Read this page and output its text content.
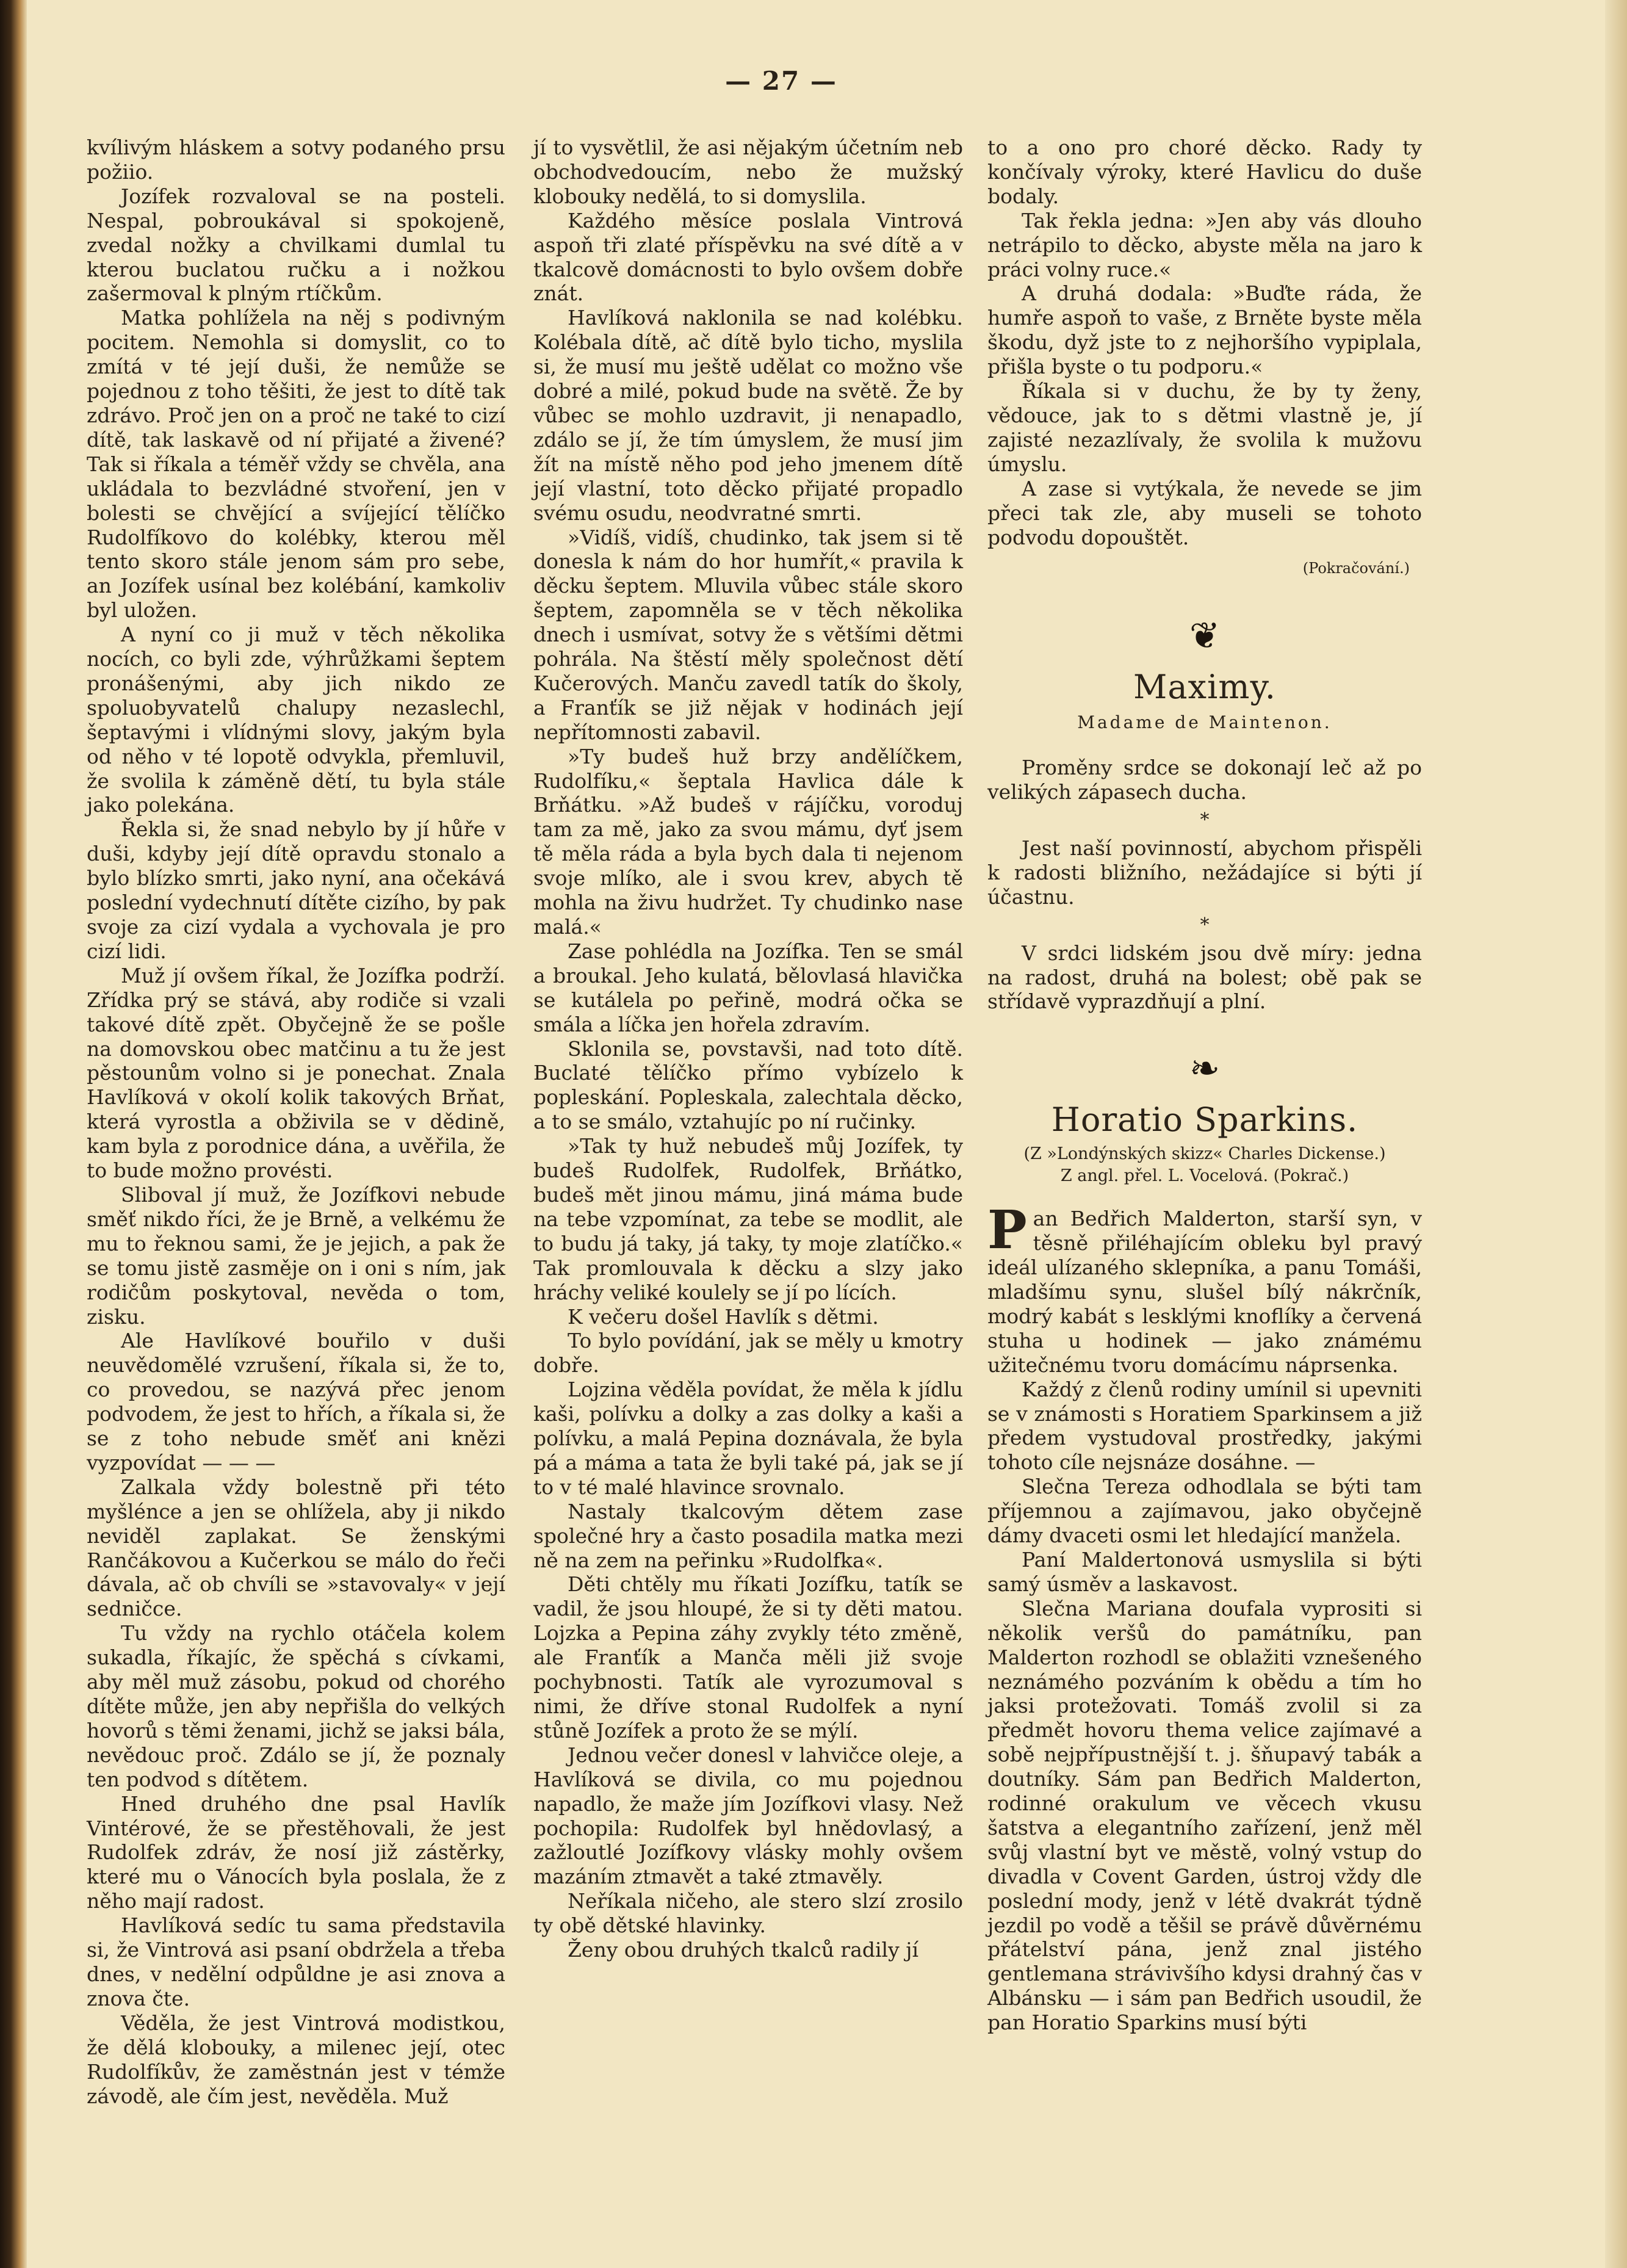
— 27 —

kvílivým hláskem a sotvy podaného prsu požiio.

Jozífek rozvaloval se na posteli. Nespal, pobroukával si spokojeně, zvedal nožky a chvilkami dumlal tu kterou buclatou ručku a i nožkou zašermoval k plným rtíčkům.

Matka pohlížela na něj s podivným pocitem. Nemohla si domyslit, co to zmítá v té její duši, že nemůže se pojednou z toho těšiti, že jest to dítě tak zdrávo. Proč jen on a proč ne také to cizí dítě, tak laskavě od ní přijaté a živené? Tak si říkala a téměř vždy se chvěla, ana ukládala to bezvládné stvoření, jen v bolesti se chvějící a svíjející tělíčko Rudolfíkovo do kolébky, kterou měl tento skoro stále jenom sám pro sebe, an Jozífek usínal bez kolébání, kamkoliv byl uložen.

A nyní co ji muž v těch několika nocích, co byli zde, výhrůžkami šeptem pronášenými, aby jich nikdo ze spoluobyvatelů chalupy nezaslechl, šeptavými i vlídnými slovy, jakým byla od něho v té lopotě odvykla, přemluvil, že svolila k záměně dětí, tu byla stále jako polekána.

Řekla si, že snad nebylo by jí hůře v duši, kdyby její dítě opravdu stonalo a bylo blízko smrti, jako nyní, ana očekává poslední vydechnutí dítěte cizího, by pak svoje za cizí vydala a vychovala je pro cizí lidi.

Muž jí ovšem říkal, že Jozífka podrží. Zřídka prý se stává, aby rodiče si vzali takové dítě zpět. Obyčejně že se pošle na domovskou obec matčinu a tu že jest pěstounům volno si je ponechat. Znala Havlíková v okolí kolik takových Brňat, která vyrostla a obživila se v dědině, kam byla z porodnice dána, a uvěřila, že to bude možno provésti.

Sliboval jí muž, že Jozífkovi nebude směť nikdo říci, že je Brně, a velkému že mu to řeknou sami, že je jejich, a pak že se tomu jistě zasměje on i oni s ním, jak rodičům poskytoval, nevěda o tom, zisku.

Ale Havlíkové bouřilo v duši neuvědomělé vzrušení, říkala si, že to, co provedou, se nazývá přec jenom podvodem, že jest to hřích, a říkala si, že se z toho nebude směť ani knězi vyzpovídat — — —

Zalkala vždy bolestně při této myšlénce a jen se ohlížela, aby ji nikdo neviděl zaplakat. Se ženskými Rančákovou a Kučerkou se málo do řeči dávala, ač ob chvíli se »stavovaly« v její sedničce.

Tu vždy na rychlo otáčela kolem sukadla, říkajíc, že spěchá s cívkami, aby měl muž zásobu, pokud od chorého dítěte může, jen aby nepřišla do velkých hovorů s těmi ženami, jichž se jaksi bála, nevědouc proč. Zdálo se jí, že poznaly ten podvod s dítětem.

Hned druhého dne psal Havlík Vintérové, že se přestěhovali, že jest Rudolfek zdráv, že nosí již zástěrky, které mu o Vánocích byla poslala, že z něho mají radost.

Havlíková sedíc tu sama představila si, že Vintrová asi psaní obdržela a třeba dnes, v nedělní odpůldne je asi znova a znova čte.

Věděla, že jest Vintrová modistkou, že dělá klobouky, a milenec její, otec Rudolfíkův, že zaměstnán jest v témže závodě, ale čím jest, nevěděla. Muž

jí to vysvětlil, že asi nějakým účetním neb obchodvedoucím, nebo že mužský klobouky nedělá, to si domyslila.

Každého měsíce poslala Vintrová aspoň tři zlaté příspěvku na své dítě a v tkalcově domácnosti to bylo ovšem dobře znát.

Havlíková naklonila se nad kolébku. Kolébala dítě, ač dítě bylo ticho, myslila si, že musí mu ještě udělat co možno vše dobré a milé, pokud bude na světě. Že by vůbec se mohlo uzdravit, ji nenapadlo, zdálo se jí, že tím úmyslem, že musí jim žít na místě něho pod jeho jmenem dítě její vlastní, toto děcko přijaté propadlo svému osudu, neodvratné smrti.

»Vidíš, vidíš, chudinko, tak jsem si tě donesla k nám do hor humřít,« pravila k děcku šeptem. Mluvila vůbec stále skoro šeptem, zapomněla se v těch několika dnech i usmívat, sotvy že s většími dětmi pohrála. Na štěstí měly společnost dětí Kučerových. Manču zavedl tatík do školy, a Franťík se již nějak v hodinách její nepřítomnosti zabavil.

»Ty budeš huž brzy andělíčkem, Rudolfíku,« šeptala Havlica dále k Brňátku. »Až budeš v rájíčku, voroduj tam za mě, jako za svou mámu, dyť jsem tě měla ráda a byla bych dala ti nejenom svoje mlíko, ale i svou krev, abych tě mohla na živu hudržet. Ty chudinko nase malá.«

Zase pohlédla na Jozífka. Ten se smál a broukal. Jeho kulatá, bělovlasá hlavička se kutálela po peřině, modrá očka se smála a líčka jen hořela zdravím.

Sklonila se, povstavši, nad toto dítě. Buclaté tělíčko přímo vybízelo k popleskání. Popleskala, zalechtala děcko, a to se smálo, vztahujíc po ní ručinky.

»Tak ty huž nebudeš můj Jozífek, ty budeš Rudolfek, Rudolfek, Brňátko, budeš mět jinou mámu, jiná máma bude na tebe vzpomínat, za tebe se modlit, ale to budu já taky, já taky, ty moje zlatíčko.« Tak promlouvala k děcku a slzy jako hráchy veliké koulely se jí po lících.

K večeru došel Havlík s dětmi.

To bylo povídání, jak se měly u kmotry dobře.

Lojzina věděla povídat, že měla k jídlu kaši, polívku a dolky a zas dolky a kaši a polívku, a malá Pepina doznávala, že byla pá a máma a tata že byli také pá, jak se jí to v té malé hlavince srovnalo.

Nastaly tkalcovým dětem zase společné hry a často posadila matka mezi ně na zem na peřinku »Rudolfka«.

Děti chtěly mu říkati Jozífku, tatík se vadil, že jsou hloupé, že si ty děti matou. Lojzka a Pepina záhy zvykly této změně, ale Franťík a Manča měli již svoje pochybnosti. Tatík ale vyrozumoval s nimi, že dříve stonal Rudolfek a nyní stůně Jozífek a proto že se mýlí.

Jednou večer donesl v lahvičce oleje, a Havlíková se divila, co mu pojednou napadlo, že maže jím Jozífkovi vlasy. Než pochopila: Rudolfek byl hnědovlasý, a zažloutlé Jozífkovy vlásky mohly ovšem mazáním ztmavět a také ztmavěly.

Neříkala ničeho, ale stero slzí zrosilo ty obě dětské hlavinky.

Ženy obou druhých tkalců radily jí

to a ono pro choré děcko. Rady ty končívaly výroky, které Havlicu do duše bodaly.

Tak řekla jedna: »Jen aby vás dlouho netrápilo to děcko, abyste měla na jaro k práci volny ruce.«

A druhá dodala: »Buďte ráda, že humře aspoň to vaše, z Brněte byste měla škodu, dyž jste to z nejhoršího vypiplala, přišla byste o tu podporu.«

Říkala si v duchu, že by ty ženy, vědouce, jak to s dětmi vlastně je, jí zajisté nezazlívaly, že svolila k mužovu úmyslu.

A zase si vytýkala, že nevede se jim přeci tak zle, aby museli se tohoto podvodu dopouštět.

(Pokračování.)
❦
Maximy.
Madame de Maintenon.

Proměny srdce se dokonají leč až po velikých zápasech ducha.

*

Jest naší povinností, abychom přispěli k radosti bližního, nežádajíce si býti jí účastnu.

*

V srdci lidském jsou dvě míry: jedna na radost, druhá na bolest; obě pak se střídavě vyprazdňují a plní.

❧
Horatio Sparkins.
(Z »Londýnských skizz« Charles Dickense.)
Z angl. přel. L. Vocelová. (Pokrač.)

P an Bedřich Malderton, starší syn, v těsně přiléhajícím obleku byl pravý ideál ulízaného sklepníka, a panu Tomáši, mladšímu synu, slušel bílý nákrčník, modrý kabát s lesklými knoflíky a červená stuha u hodinek — jako známému užitečnému tvoru domácímu náprsenka.

Každý z členů rodiny umínil si upevniti se v známosti s Horatiem Sparkinsem a již předem vystudoval prostředky, jakými tohoto cíle nejsnáze dosáhne. —

Slečna Tereza odhodlala se býti tam příjemnou a zajímavou, jako obyčejně dámy dvaceti osmi let hledající manžela.

Paní Maldertonová usmyslila si býti samý úsměv a laskavost.

Slečna Mariana doufala vyprositi si několik veršů do památníku, pan Malderton rozhodl se oblažiti vznešeného neznámého pozváním k obědu a tím ho jaksi protežovati. Tomáš zvolil si za předmět hovoru thema velice zajímavé a sobě nejpřípustnější t. j. šňupavý tabák a doutníky. Sám pan Bedřich Malderton, rodinné orakulum ve věcech vkusu šatstva a elegantního zařízení, jenž měl svůj vlastní byt ve městě, volný vstup do divadla v Covent Garden, ústroj vždy dle poslední mody, jenž v létě dvakrát týdně jezdil po vodě a těšil se právě důvěrnému přátelství pána, jenž znal jistého gentlemana strávivšího kdysi drahný čas v Albánsku — i sám pan Bedřich usoudil, že pan Horatio Sparkins musí býti
